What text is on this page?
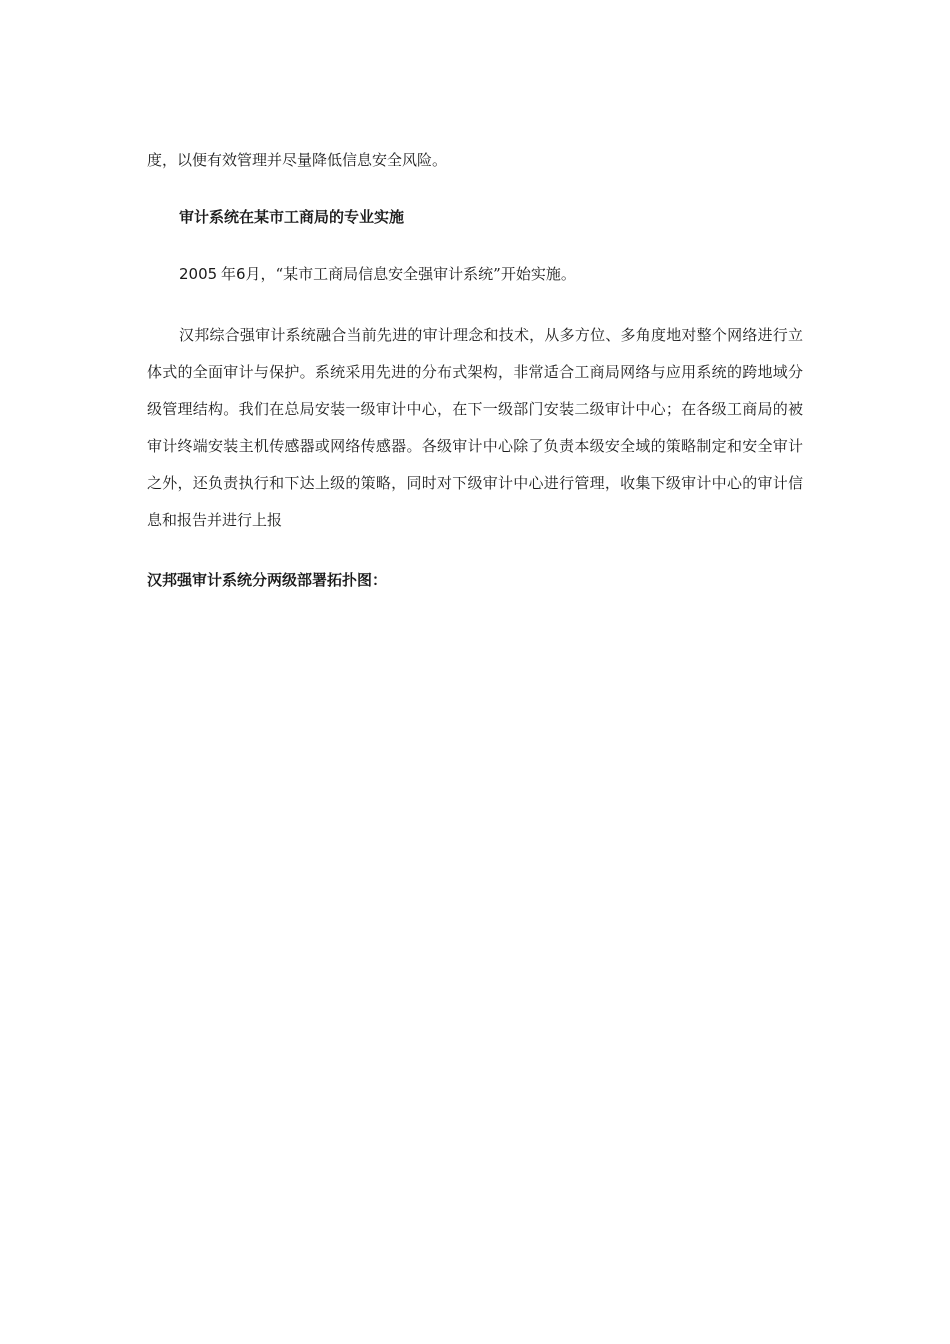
度，以便有效管理并尽量降低信息安全风险。

审计系统在某市工商局的专业实施

2005  年6月，“某市工商局信息安全强审计系统”开始实施。

汉邦综合强审计系统融合当前先进的审计理念和技术，从多方位、多角度地对整个网络进行立体式的全面审计与保护。系统采用先进的分布式架构，非常适合工商局网络与应用系统的跨地域分级管理结构。我们在总局安装一级审计中心，在下一级部门安装二级审计中心；在各级工商局的被审计终端安装主机传感器或网络传感器。各级审计中心除了负责本级安全域的策略制定和安全审计之外，还负责执行和下达上级的策略，同时对下级审计中心进行管理，收集下级审计中心的审计信息和报告并进行上报

汉邦强审计系统分两级部署拓扑图：
